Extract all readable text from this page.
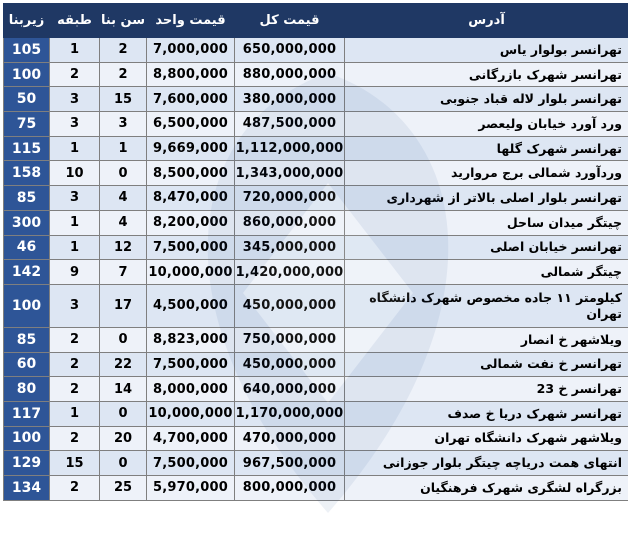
زیربنا	طبقه	سن بنا	قیمت واحد	قیمت کل	آدرس
105	1	2	7,000,000	650,000,000	تهرانسر بولوار یاس
100	2	2	8,800,000	880,000,000	تهرانسر شهرک بازرگانی
50	3	15	7,600,000	380,000,000	تهرانسر بلوار لاله قباد جنوبی
75	3	3	6,500,000	487,500,000	ورد آورد خیابان ولیعصر
115	1	1	9,669,000	1,112,000,000	تهرانسر شهرک گلها
158	10	0	8,500,000	1,343,000,000	وردآورد شمالی برج مروارید
85	3	4	8,470,000	720,000,000	تهرانسر بلوار اصلی بالاتر از شهرداری
300	1	4	8,200,000	860,000,000	چیتگر میدان ساحل
46	1	12	7,500,000	345,000,000	تهرانسر خیابان اصلی
142	9	7	10,000,000	1,420,000,000	چیتگر شمالی
100	3	17	4,500,000	450,000,000	کیلومتر ۱۱ جاده مخصوص شهرک دانشگاه تهران
85	2	0	8,823,000	750,000,000	ویلاشهر خ انصار
60	2	22	7,500,000	450,000,000	تهرانسر خ نفت شمالی
80	2	14	8,000,000	640,000,000	تهرانسر خ 23
117	1	0	10,000,000	1,170,000,000	تهرانسر شهرک دریا خ صدف
100	2	20	4,700,000	470,000,000	ویلاشهر شهرک دانشگاه تهران
129	15	0	7,500,000	967,500,000	انتهای همت دریاچه چیتگر بلوار جوزانی
134	2	25	5,970,000	800,000,000	بزرگراه لشگری شهرک فرهنگیان
